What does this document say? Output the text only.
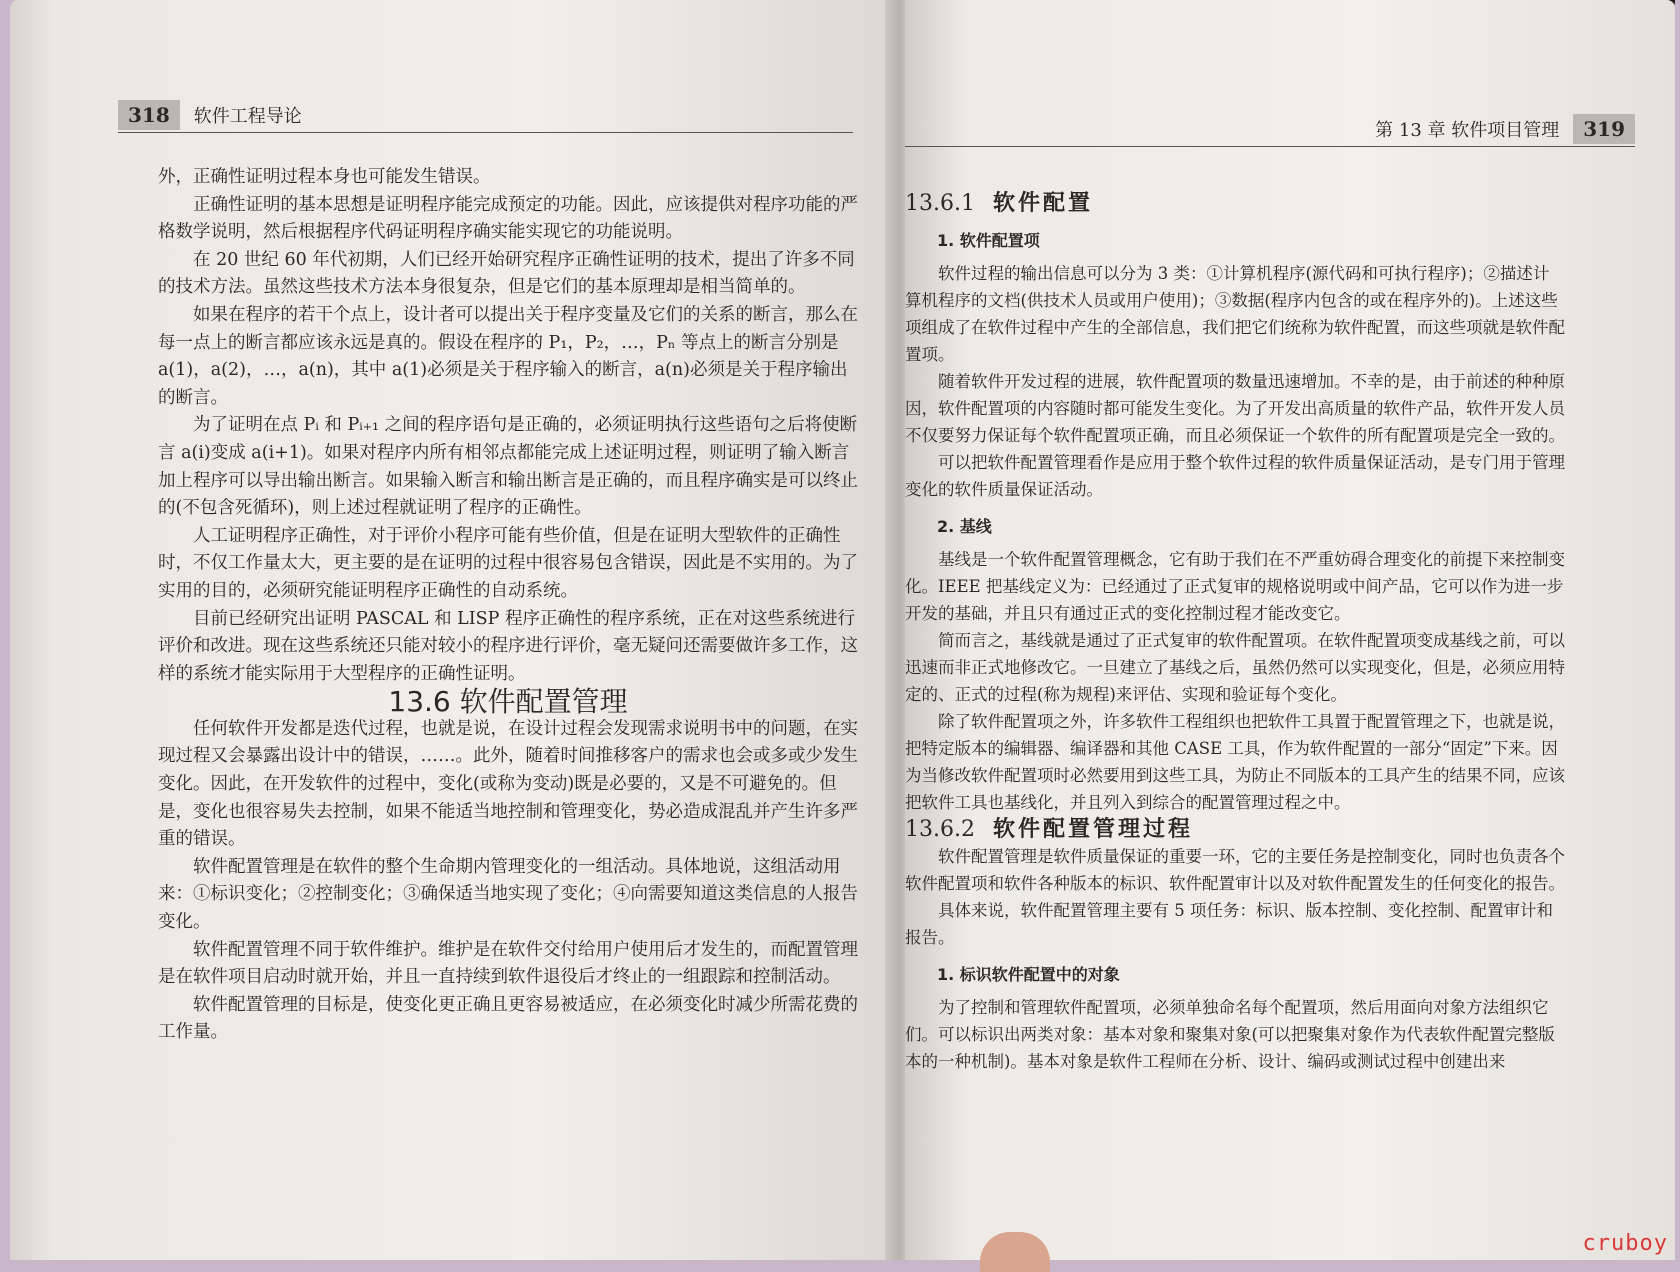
318	软件工程导论

外，正确性证明过程本身也可能发生错误。

正确性证明的基本思想是证明程序能完成预定的功能。因此，应该提供对程序功能的严格数学说明，然后根据程序代码证明程序确实能实现它的功能说明。

在 20 世纪 60 年代初期，人们已经开始研究程序正确性证明的技术，提出了许多不同的技术方法。虽然这些技术方法本身很复杂，但是它们的基本原理却是相当简单的。

如果在程序的若干个点上，设计者可以提出关于程序变量及它们的关系的断言，那么在每一点上的断言都应该永远是真的。假设在程序的 P₁，P₂，…，Pₙ 等点上的断言分别是 a(1)，a(2)，…，a(n)，其中 a(1)必须是关于程序输入的断言，a(n)必须是关于程序输出的断言。

为了证明在点 Pᵢ 和 Pᵢ₊₁ 之间的程序语句是正确的，必须证明执行这些语句之后将使断言 a(i)变成 a(i+1)。如果对程序内所有相邻点都能完成上述证明过程，则证明了输入断言加上程序可以导出输出断言。如果输入断言和输出断言是正确的，而且程序确实是可以终止的(不包含死循环)，则上述过程就证明了程序的正确性。

人工证明程序正确性，对于评价小程序可能有些价值，但是在证明大型软件的正确性时，不仅工作量太大，更主要的是在证明的过程中很容易包含错误，因此是不实用的。为了实用的目的，必须研究能证明程序正确性的自动系统。

目前已经研究出证明 PASCAL 和 LISP 程序正确性的程序系统，正在对这些系统进行评价和改进。现在这些系统还只能对较小的程序进行评价，毫无疑问还需要做许多工作，这样的系统才能实际用于大型程序的正确性证明。

13.6 软件配置管理

任何软件开发都是迭代过程，也就是说，在设计过程会发现需求说明书中的问题，在实现过程又会暴露出设计中的错误，……。此外，随着时间推移客户的需求也会或多或少发生变化。因此，在开发软件的过程中，变化(或称为变动)既是必要的，又是不可避免的。但是，变化也很容易失去控制，如果不能适当地控制和管理变化，势必造成混乱并产生许多严重的错误。

软件配置管理是在软件的整个生命期内管理变化的一组活动。具体地说，这组活动用来：①标识变化；②控制变化；③确保适当地实现了变化；④向需要知道这类信息的人报告变化。

软件配置管理不同于软件维护。维护是在软件交付给用户使用后才发生的，而配置管理是在软件项目启动时就开始，并且一直持续到软件退役后才终止的一组跟踪和控制活动。

软件配置管理的目标是，使变化更正确且更容易被适应，在必须变化时减少所需花费的工作量。

第 13 章 软件项目管理	319

13.6.1 软件配置

1. 软件配置项

软件过程的输出信息可以分为 3 类：①计算机程序(源代码和可执行程序)；②描述计算机程序的文档(供技术人员或用户使用)；③数据(程序内包含的或在程序外的)。上述这些项组成了在软件过程中产生的全部信息，我们把它们统称为软件配置，而这些项就是软件配置项。

随着软件开发过程的进展，软件配置项的数量迅速增加。不幸的是，由于前述的种种原因，软件配置项的内容随时都可能发生变化。为了开发出高质量的软件产品，软件开发人员不仅要努力保证每个软件配置项正确，而且必须保证一个软件的所有配置项是完全一致的。

可以把软件配置管理看作是应用于整个软件过程的软件质量保证活动，是专门用于管理变化的软件质量保证活动。

2. 基线

基线是一个软件配置管理概念，它有助于我们在不严重妨碍合理变化的前提下来控制变化。IEEE 把基线定义为：已经通过了正式复审的规格说明或中间产品，它可以作为进一步开发的基础，并且只有通过正式的变化控制过程才能改变它。

简而言之，基线就是通过了正式复审的软件配置项。在软件配置项变成基线之前，可以迅速而非正式地修改它。一旦建立了基线之后，虽然仍然可以实现变化，但是，必须应用特定的、正式的过程(称为规程)来评估、实现和验证每个变化。

除了软件配置项之外，许多软件工程组织也把软件工具置于配置管理之下，也就是说，把特定版本的编辑器、编译器和其他 CASE 工具，作为软件配置的一部分“固定”下来。因为当修改软件配置项时必然要用到这些工具，为防止不同版本的工具产生的结果不同，应该把软件工具也基线化，并且列入到综合的配置管理过程之中。

13.6.2 软件配置管理过程

软件配置管理是软件质量保证的重要一环，它的主要任务是控制变化，同时也负责各个软件配置项和软件各种版本的标识、软件配置审计以及对软件配置发生的任何变化的报告。

具体来说，软件配置管理主要有 5 项任务：标识、版本控制、变化控制、配置审计和报告。

1. 标识软件配置中的对象

为了控制和管理软件配置项，必须单独命名每个配置项，然后用面向对象方法组织它们。可以标识出两类对象：基本对象和聚集对象(可以把聚集对象作为代表软件配置完整版本的一种机制)。基本对象是软件工程师在分析、设计、编码或测试过程中创建出来

cruboy
